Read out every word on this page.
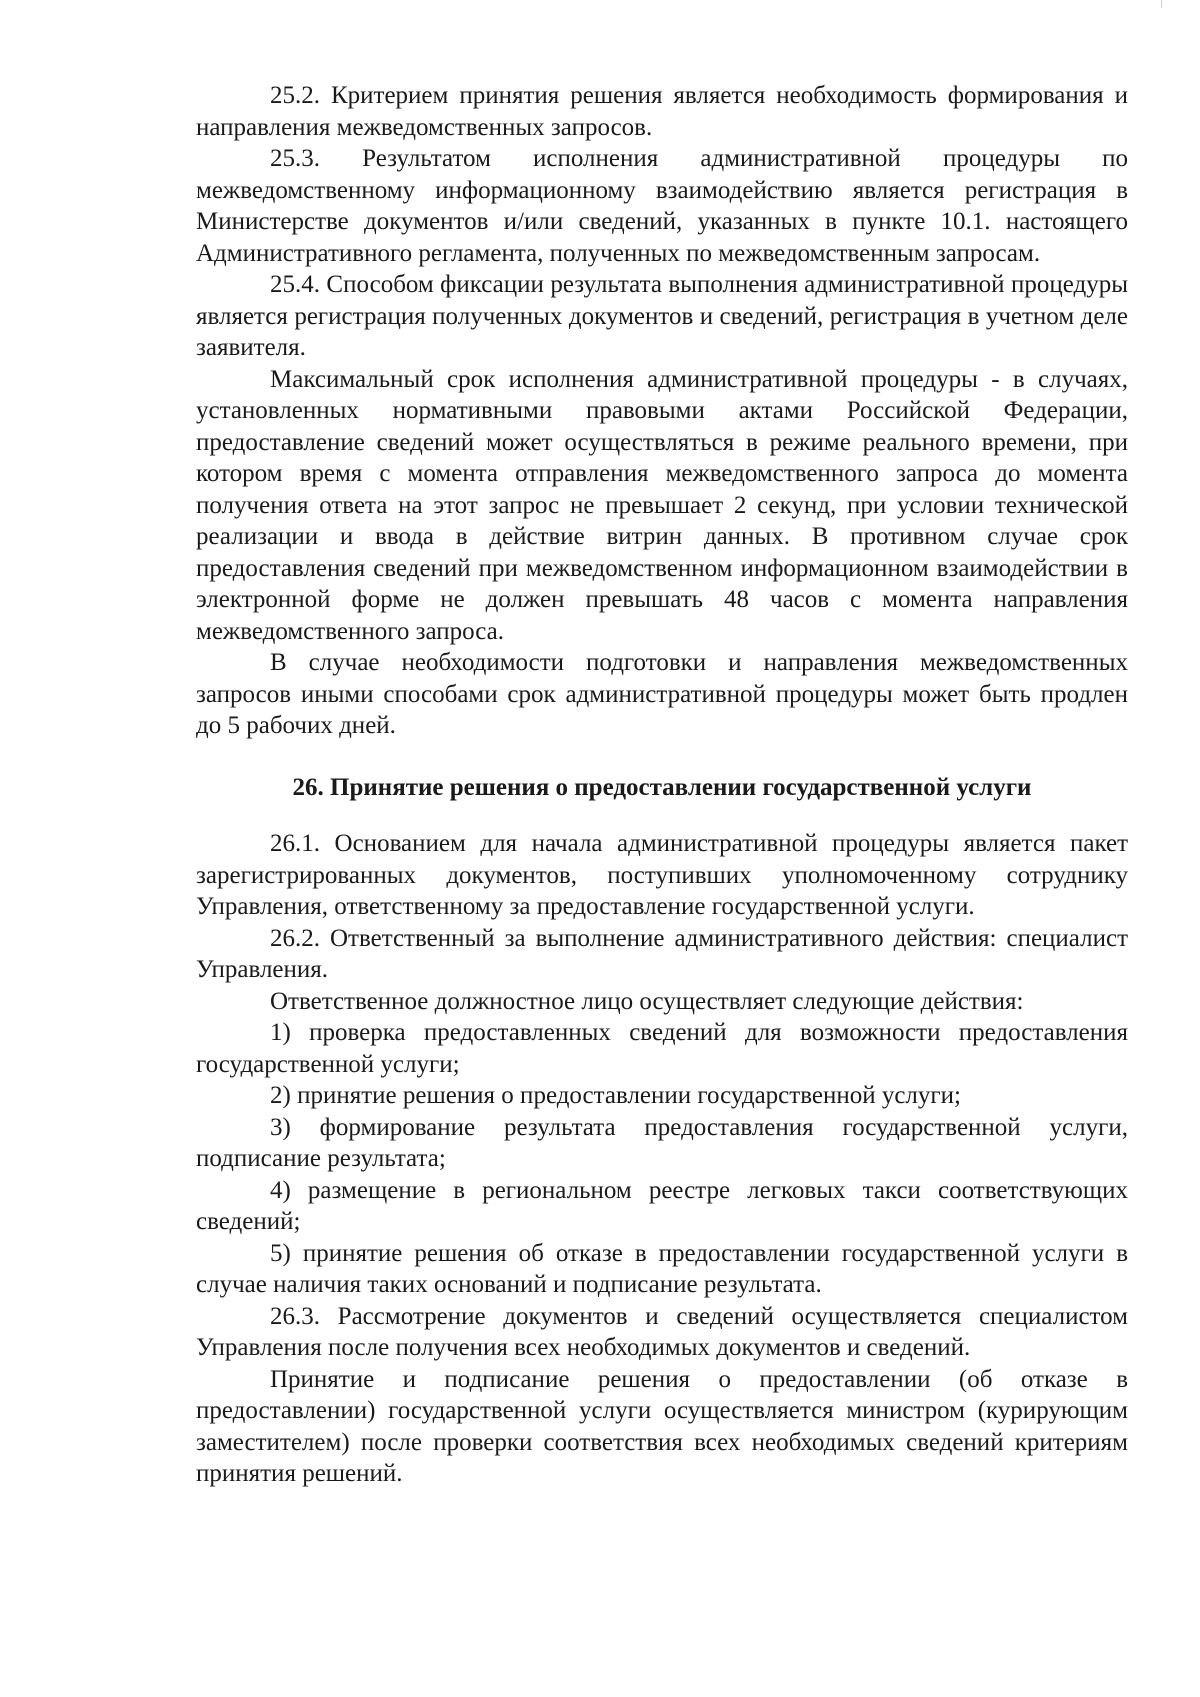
25.2. Критерием принятия решения является необходимость формирования и направления межведомственных запросов.

25.3. Результатом исполнения административной процедуры по межведомственному информационному взаимодействию является регистрация в Министерстве документов и/или сведений, указанных в пункте 10.1. настоящего Административного регламента, полученных по межведомственным запросам.

25.4. Способом фиксации результата выполнения административной процедуры является регистрация полученных документов и сведений, регистрация в учетном деле заявителя.

Максимальный срок исполнения административной процедуры - в случаях, установленных нормативными правовыми актами Российской Федерации, предоставление сведений может осуществляться в режиме реального времени, при котором время с момента отправления межведомственного запроса до момента получения ответа на этот запрос не превышает 2 секунд, при условии технической реализации и ввода в действие витрин данных. В противном случае срок предоставления сведений при межведомственном информационном взаимодействии в электронной форме не должен превышать 48 часов с момента направления межведомственного запроса.

В случае необходимости подготовки и направления межведомственных запросов иными способами срок административной процедуры может быть продлен до 5 рабочих дней.

26. Принятие решения о предоставлении государственной услуги

26.1. Основанием для начала административной процедуры является пакет зарегистрированных документов, поступивших уполномоченному сотруднику Управления, ответственному за предоставление государственной услуги.

26.2. Ответственный за выполнение административного действия: специалист Управления.

Ответственное должностное лицо осуществляет следующие действия:

1) проверка предоставленных сведений для возможности предоставления государственной услуги;

2) принятие решения о предоставлении государственной услуги;

3) формирование результата предоставления государственной услуги, подписание результата;

4) размещение в региональном реестре легковых такси соответствующих сведений;

5) принятие решения об отказе в предоставлении государственной услуги в случае наличия таких оснований и подписание результата.

26.3. Рассмотрение документов и сведений осуществляется специалистом Управления после получения всех необходимых документов и сведений.

Принятие и подписание решения о предоставлении (об отказе в предоставлении) государственной услуги осуществляется министром (курирующим заместителем) после проверки соответствия всех необходимых сведений критериям принятия решений.
